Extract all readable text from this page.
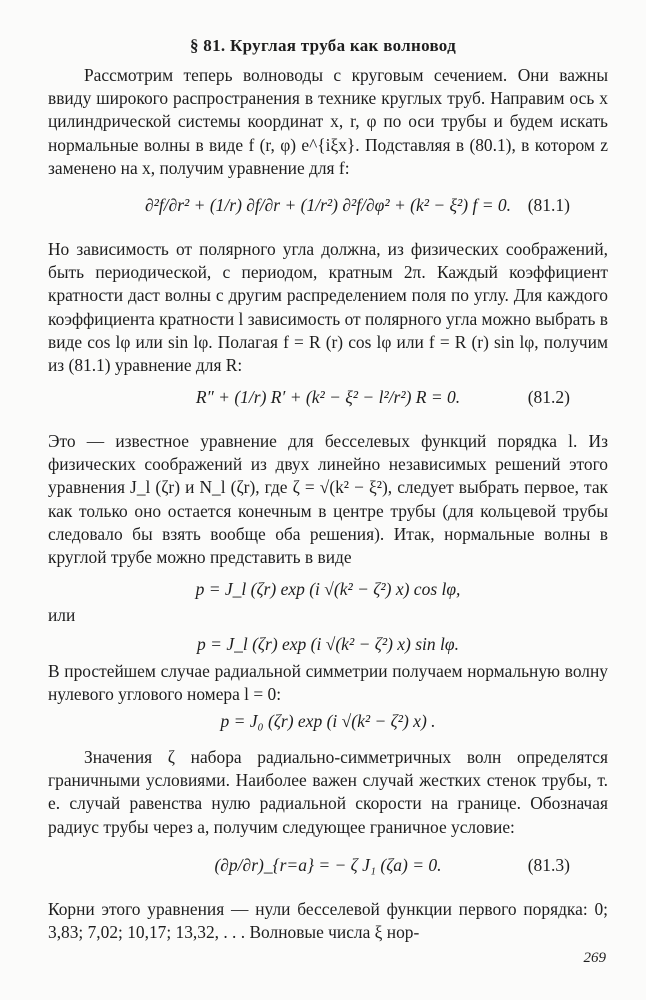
§ 81. Круглая труба как волновод

Рассмотрим теперь волноводы с круговым сечением. Они важны ввиду широкого распространения в технике круглых труб. Направим ось x цилиндрической системы координат x, r, φ по оси трубы и будем искать нормальные волны в виде f (r, φ) e^{iξx}. Подставляя в (80.1), в котором z заменено на x, получим уравнение для f:

∂²f/∂r² + (1/r) ∂f/∂r + (1/r²) ∂²f/∂φ² + (k² − ξ²) f = 0. (81.1)

Но зависимость от полярного угла должна, из физических соображений, быть периодической, с периодом, кратным 2π. Каждый коэффициент кратности даст волны с другим распределением поля по углу. Для каждого коэффициента кратности l зависимость от полярного угла можно выбрать в виде cos lφ или sin lφ. Полагая f = R (r) cos lφ или f = R (r) sin lφ, получим из (81.1) уравнение для R:

R″ + (1/r) R′ + (k² − ξ² − l²/r²) R = 0.	(81.2)

Это — известное уравнение для бесселевых функций порядка l. Из физических соображений из двух линейно независимых решений этого уравнения J_l (ζr) и N_l (ζr), где ζ = √(k² − ξ²), следует выбрать первое, так как только оно остается конечным в центре трубы (для кольцевой трубы следовало бы взять вообще оба решения). Итак, нормальные волны в круглой трубе можно представить в виде

p = J_l (ζr) exp (i √(k² − ζ²) x) cos lφ,

или

p = J_l (ζr) exp (i √(k² − ζ²) x) sin lφ.

В простейшем случае радиальной симметрии получаем нормальную волну нулевого углового номера l = 0:

p = J₀ (ζr) exp (i √(k² − ζ²) x) .

Значения ζ набора радиально-симметричных волн определятся граничными условиями. Наиболее важен случай жестких стенок трубы, т. е. случай равенства нулю радиальной скорости на границе. Обозначая радиус трубы через a, получим следующее граничное условие:

(∂p/∂r)_{r=a} = − ζ J₁ (ζa) = 0.	(81.3)

Корни этого уравнения — нули бесселевой функции первого порядка: 0; 3,83; 7,02; 10,17; 13,32, . . . Волновые числа ξ нор-

269
